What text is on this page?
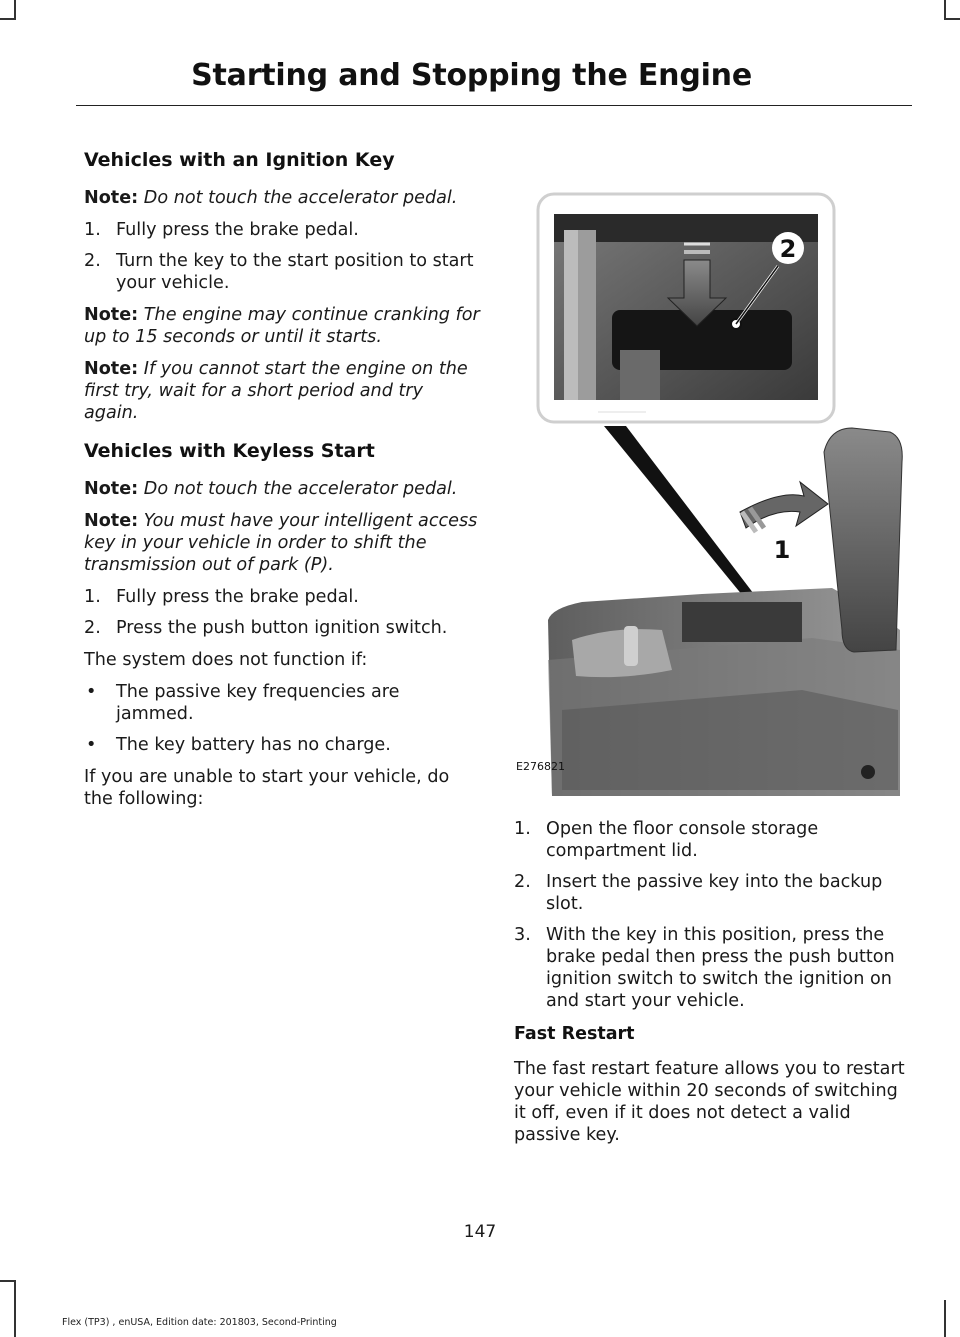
Starting and Stopping the Engine
Vehicles with an Ignition Key

Note: Do not touch the accelerator pedal.

1. Fully press the brake pedal.
2. Turn the key to the start position to start your vehicle.

Note: The engine may continue cranking for up to 15 seconds or until it starts.

Note: If you cannot start the engine on the first try, wait for a short period and try again.

Vehicles with Keyless Start

Note: Do not touch the accelerator pedal.

Note: You must have your intelligent access key in your vehicle in order to shift the transmission out of park (P).

1. Fully press the brake pedal.
2. Press the push button ignition switch.

The system does not function if:

• The passive key frequencies are jammed.
• The key battery has no charge.

If you are unable to start your vehicle, do the following:

2
1
E276821
1. Open the floor console storage compartment lid.
2. Insert the passive key into the backup slot.
3. With the key in this position, press the brake pedal then press the push button ignition switch to switch the ignition on and start your vehicle.
Fast Restart

The fast restart feature allows you to restart your vehicle within 20 seconds of switching it off, even if it does not detect a valid passive key.

147
Flex (TP3) , enUSA, Edition date: 201803, Second-Printing
